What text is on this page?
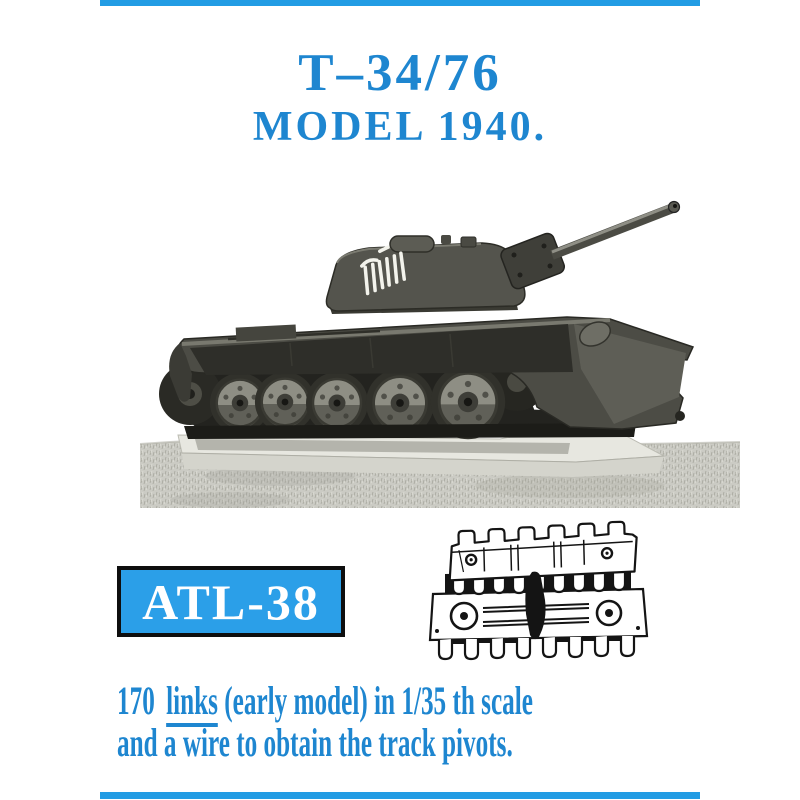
T–34/76
MODEL 1940.
ATL-38

170 links (early model) in 1/35 th scale

and a wire to obtain the track pivots.
